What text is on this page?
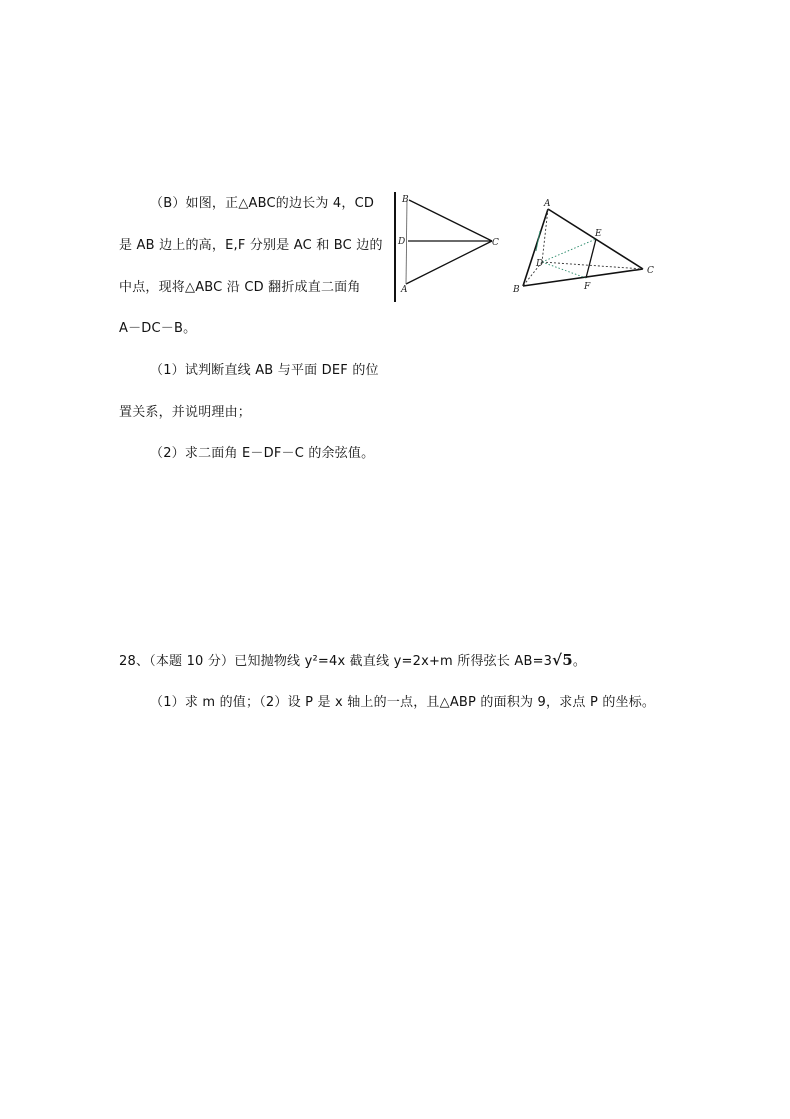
（B）如图，正△ABC的边长为 4，CD
是 AB 边上的高，E,F 分别是 AC 和 BC 边的
中点，现将△ABC 沿 CD 翻折成直二面角
A－DC－B。
（1）试判断直线 AB 与平面 DEF 的位
置关系，并说明理由；
（2）求二面角 E－DF－C 的余弦值。
B
D	C
A
A
E
D
C
B	F
28、（本题 10 分）已知抛物线 y²=4x 截直线 y=2x+m 所得弦长 AB=3√5。
（1）求 m 的值；（2）设 P 是 x 轴上的一点，且△ABP 的面积为 9，求点 P 的坐标。
